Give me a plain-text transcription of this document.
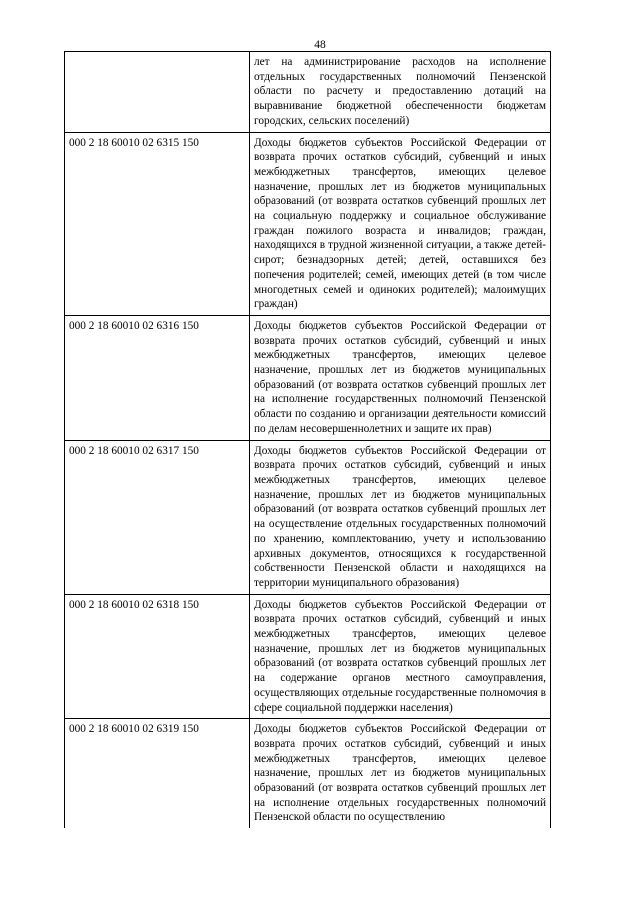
48
	лет на администрирование расходов на исполнение отдельных государственных полномочий Пензенской области по расчету и предоставлению дотаций на выравнивание бюджетной обеспеченности бюджетам городских, сельских поселений)
000 2 18 60010 02 6315 150	Доходы бюджетов субъектов Российской Федерации от возврата прочих остатков субсидий, субвенций и иных межбюджетных трансфертов, имеющих целевое назначение, прошлых лет из бюджетов муниципальных образований (от возврата остатков субвенций прошлых лет на социальную поддержку и социальное обслуживание граждан пожилого возраста и инвалидов; граждан, находящихся в трудной жизненной ситуации, а также детей-сирот; безнадзорных детей; детей, оставшихся без попечения родителей; семей, имеющих детей (в том числе многодетных семей и одиноких родителей); малоимущих граждан)
000 2 18 60010 02 6316 150	Доходы бюджетов субъектов Российской Федерации от возврата прочих остатков субсидий, субвенций и иных межбюджетных трансфертов, имеющих целевое назначение, прошлых лет из бюджетов муниципальных образований (от возврата остатков субвенций прошлых лет на исполнение государственных полномочий Пензенской области по созданию и организации деятельности комиссий по делам несовершеннолетних и защите их прав)
000 2 18 60010 02 6317 150	Доходы бюджетов субъектов Российской Федерации от возврата прочих остатков субсидий, субвенций и иных межбюджетных трансфертов, имеющих целевое назначение, прошлых лет из бюджетов муниципальных образований (от возврата остатков субвенций прошлых лет на осуществление отдельных государственных полномочий по хранению, комплектованию, учету и использованию архивных документов, относящихся к государственной собственности Пензенской области и находящихся на территории муниципального образования)
000 2 18 60010 02 6318 150	Доходы бюджетов субъектов Российской Федерации от возврата прочих остатков субсидий, субвенций и иных межбюджетных трансфертов, имеющих целевое назначение, прошлых лет из бюджетов муниципальных образований (от возврата остатков субвенций прошлых лет на содержание органов местного самоуправления, осуществляющих отдельные государственные полномочия в сфере социальной поддержки населения)
000 2 18 60010 02 6319 150	Доходы бюджетов субъектов Российской Федерации от возврата прочих остатков субсидий, субвенций и иных межбюджетных трансфертов, имеющих целевое назначение, прошлых лет из бюджетов муниципальных образований (от возврата остатков субвенций прошлых лет на исполнение отдельных государственных полномочий Пензенской области по осуществлению
